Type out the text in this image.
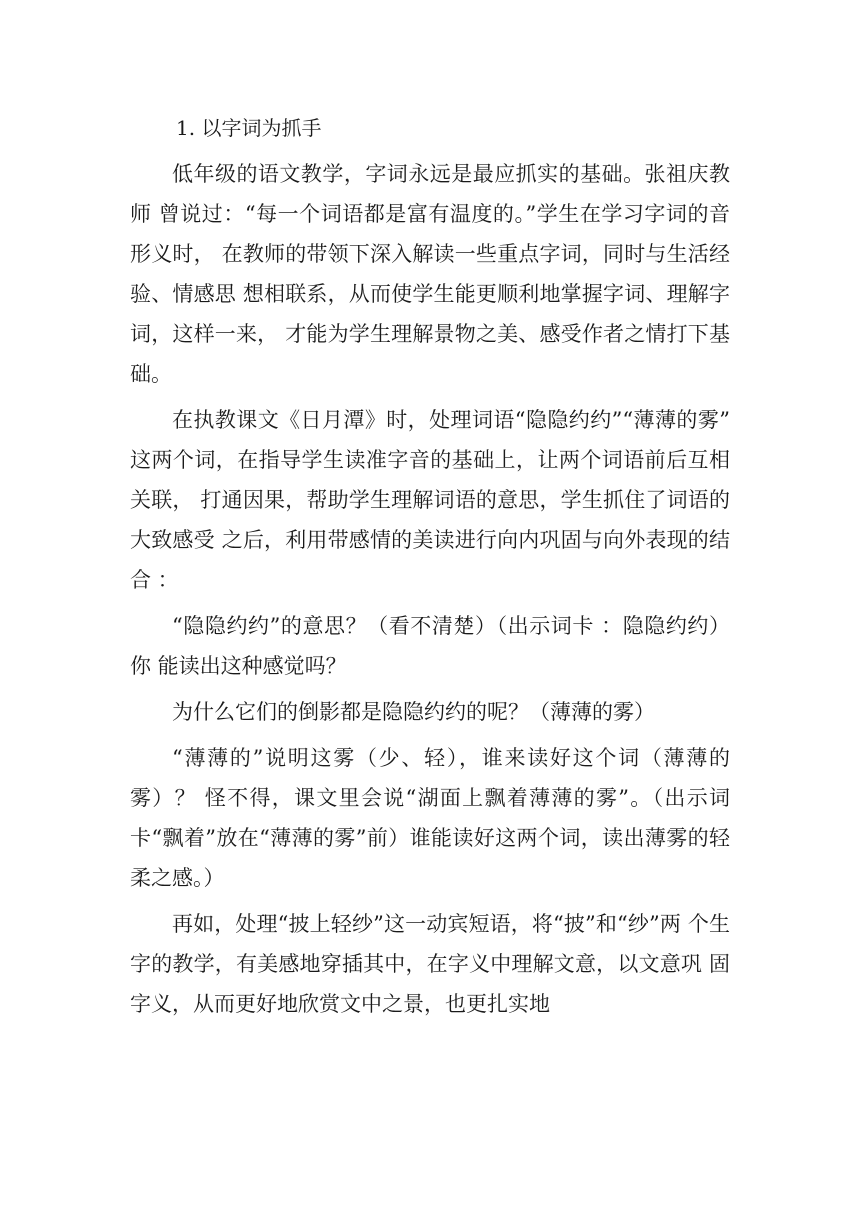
1. 以字词为抓手

低年级的语文教学，字词永远是最应抓实的基础。张祖庆教师 曾说过：“每一个词语都是富有温度的。”学生在学习字词的音形义时， 在教师的带领下深入解读一些重点字词，同时与生活经验、情感思 想相联系，从而使学生能更顺利地掌握字词、理解字词，这样一来， 才能为学生理解景物之美、感受作者之情打下基础。

在执教课文《日月潭》时，处理词语“隐隐约约”“薄薄的雾” 这两个词，在指导学生读准字音的基础上，让两个词语前后互相关联， 打通因果，帮助学生理解词语的意思，学生抓住了词语的大致感受 之后，利用带感情的美读进行向内巩固与向外表现的结合 ：

“隐隐约约”的意思？（看不清楚）（出示词卡 ：隐隐约约）你 能读出这种感觉吗？

为什么它们的倒影都是隐隐约约的呢？（薄薄的雾）

“薄薄的”说明这雾（少、轻），谁来读好这个词（薄薄的雾）？ 怪不得，课文里会说“湖面上飘着薄薄的雾”。（出示词卡“飘着”放在“薄薄的雾”前）谁能读好这两个词，读出薄雾的轻柔之感。）

再如，处理“披上轻纱”这一动宾短语，将“披”和“纱”两 个生字的教学，有美感地穿插其中，在字义中理解文意，以文意巩 固字义，从而更好地欣赏文中之景，也更扎实地
